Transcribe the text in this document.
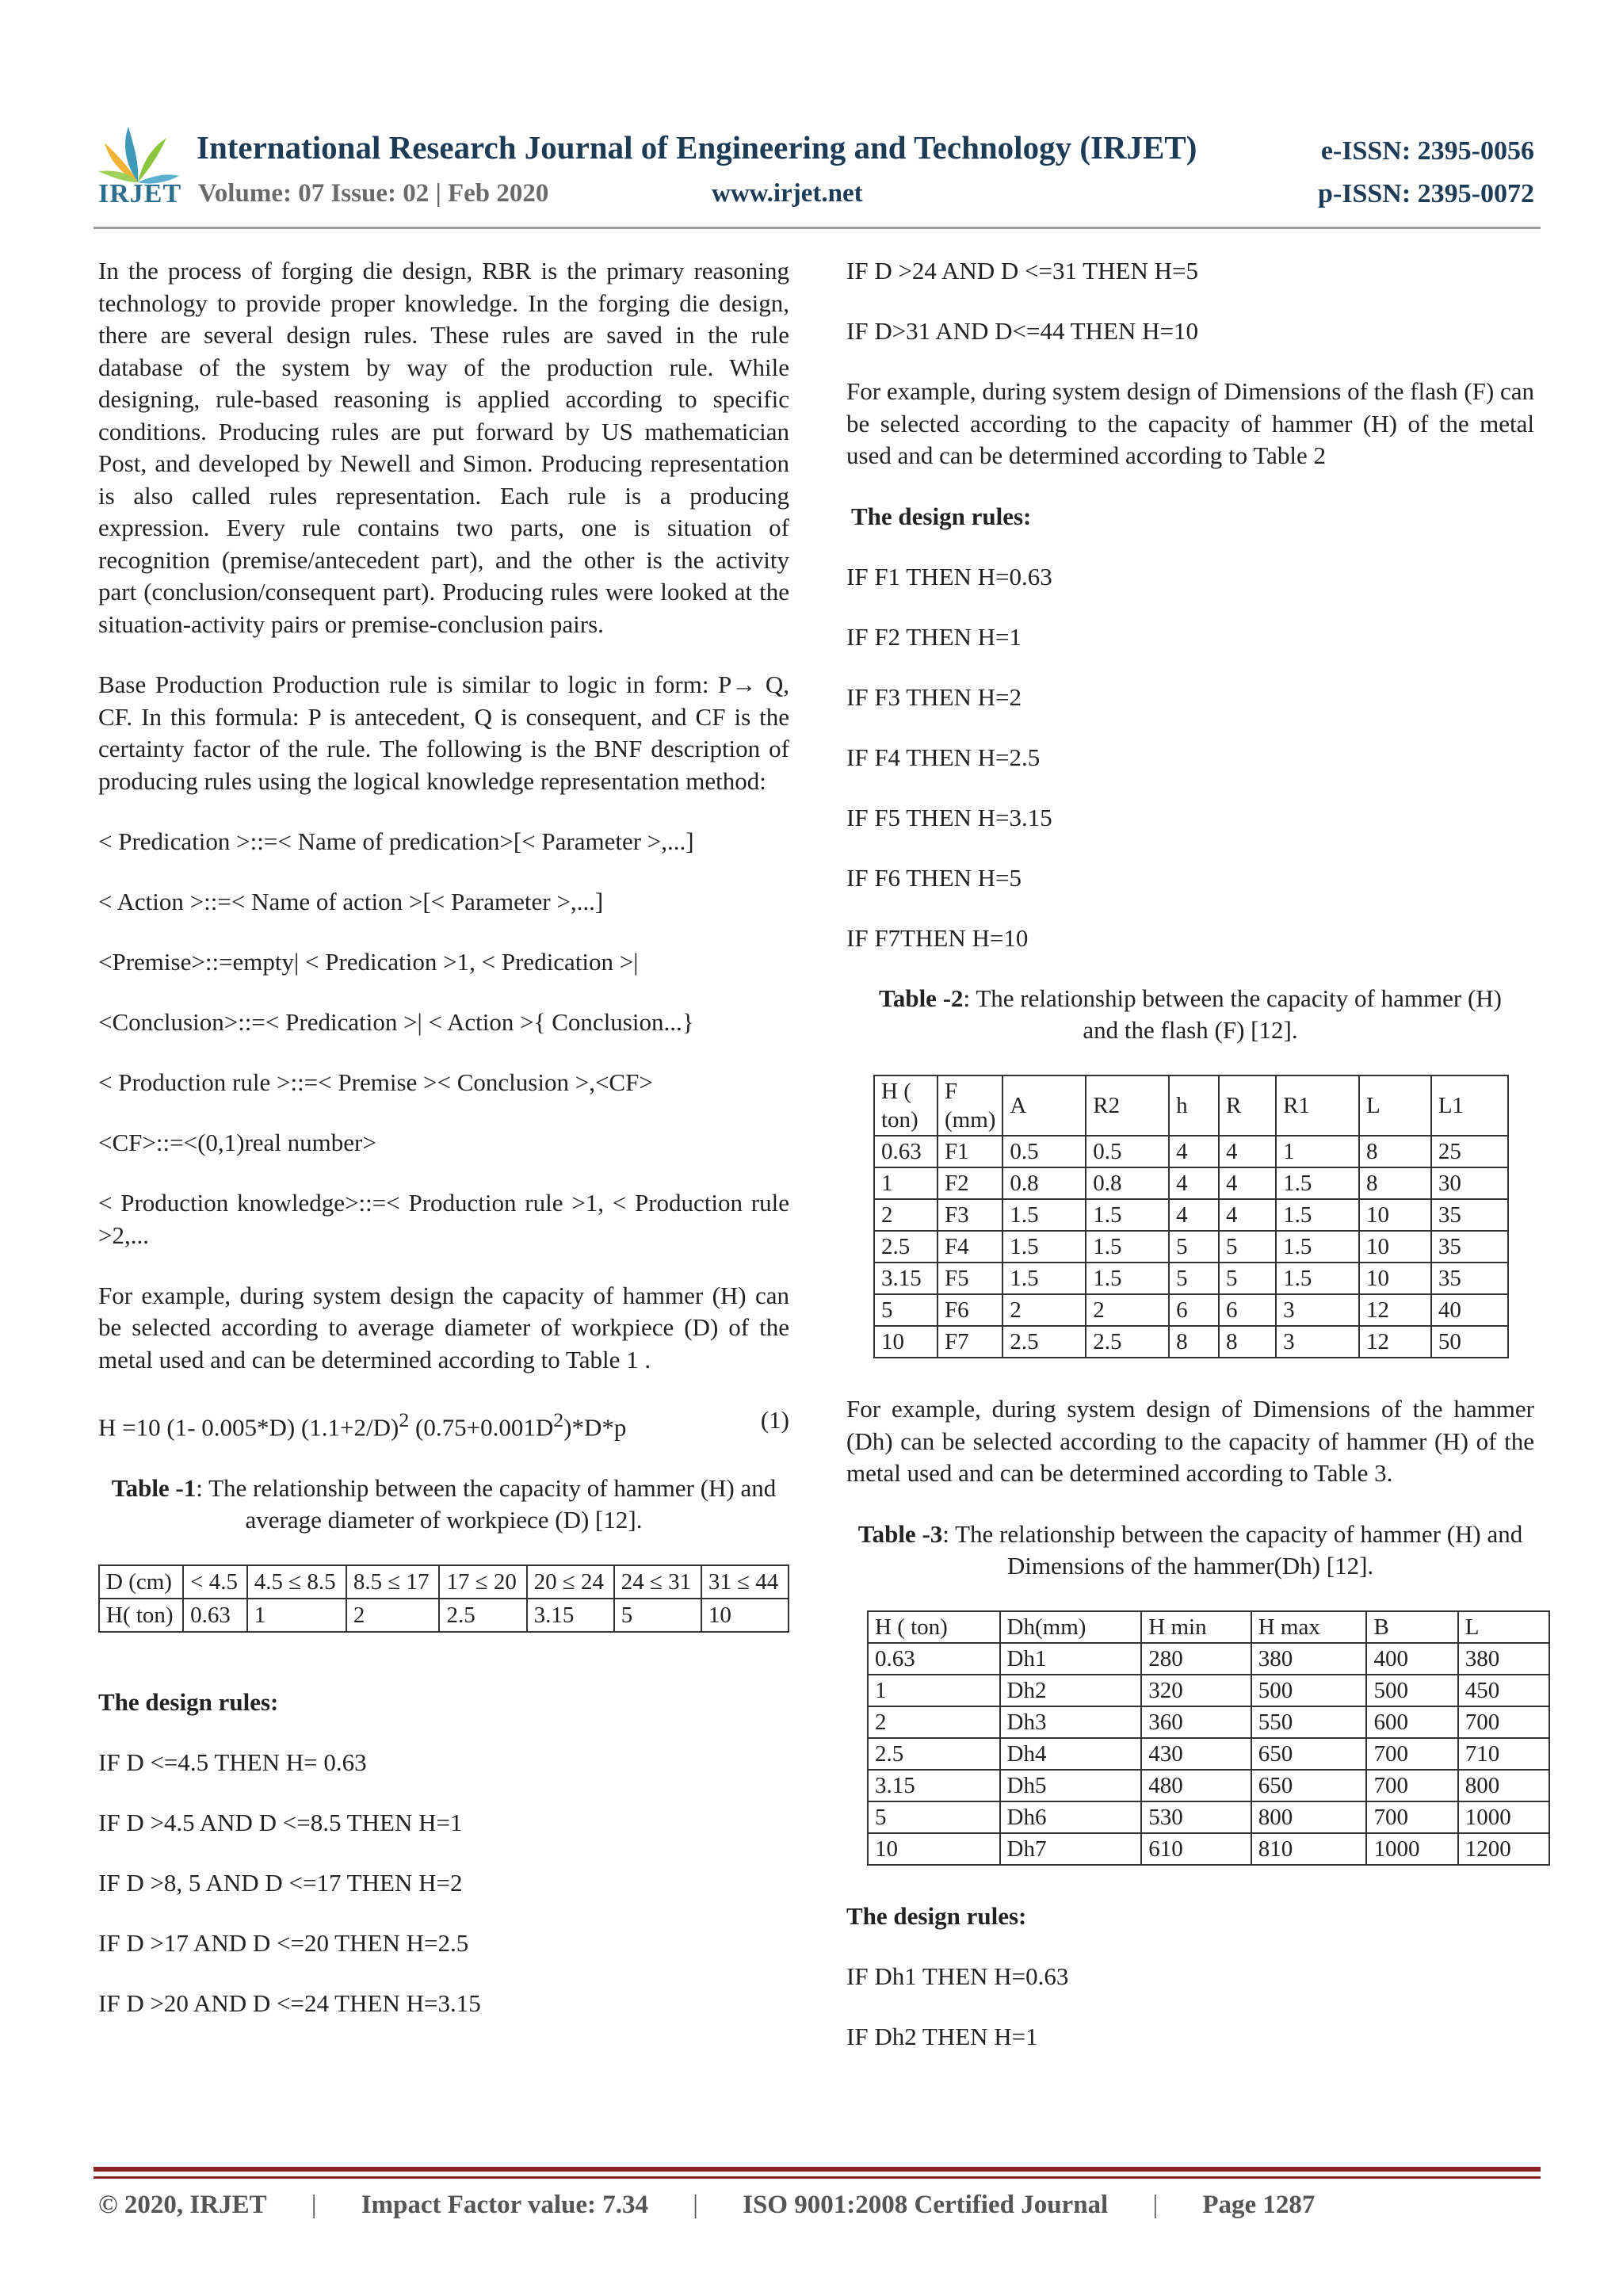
IRJET
International Research Journal of Engineering and Technology (IRJET)	e-ISSN: 2395-0056
Volume: 07 Issue: 02 | Feb 2020	www.irjet.net	p-ISSN: 2395-0072

In the process of forging die design, RBR is the primary reasoning technology to provide proper knowledge. In the forging die design, there are several design rules. These rules are saved in the rule database of the system by way of the production rule. While designing, rule-based reasoning is applied according to specific conditions. Producing rules are put forward by US mathematician Post, and developed by Newell and Simon. Producing representation is also called rules representation. Each rule is a producing expression. Every rule contains two parts, one is situation of recognition (premise/antecedent part), and the other is the activity part (conclusion/consequent part). Producing rules were looked at the situation-activity pairs or premise-conclusion pairs.

Base Production Production rule is similar to logic in form: P→ Q, CF. In this formula: P is antecedent, Q is consequent, and CF is the certainty factor of the rule. The following is the BNF description of producing rules using the logical knowledge representation method:

< Predication >::=< Name of predication>[< Parameter >,...]
< Action >::=< Name of action >[< Parameter >,...]
<Premise>::=empty| < Predication >1, < Predication >|
<Conclusion>::=< Predication >| < Action >{ Conclusion...}
< Production rule >::=< Premise >< Conclusion >,<CF>
<CF>::=<(0,1)real number>
< Production knowledge>::=< Production rule >1, < Production rule >2,...

For example, during system design the capacity of hammer (H) can be selected according to average diameter of workpiece (D) of the metal used and can be determined according to Table 1 .

H =10 (1- 0.005*D) $(1.1+2/D)^2$ $(0.75+0.001D^2)*D*p$	(1)
Table -1: The relationship between the capacity of hammer (H) and average diameter of workpiece (D) [12].
D (cm)	< 4.5	4.5 ≤ 8.5	8.5 ≤ 17	17 ≤ 20	20 ≤ 24	24 ≤ 31	31 ≤ 44
H( ton)	0.63	1	2	2.5	3.15	5	10
The design rules:
IF D <=4.5 THEN H= 0.63
IF D >4.5 AND D <=8.5 THEN H=1
IF D >8, 5 AND D <=17 THEN H=2
IF D >17 AND D <=20 THEN H=2.5
IF D >20 AND D <=24 THEN H=3.15
IF D >24 AND D <=31 THEN H=5
IF D>31 AND D<=44 THEN H=10

For example, during system design of Dimensions of the flash (F) can be selected according to the capacity of hammer (H) of the metal used and can be determined according to Table 2

The design rules:
IF F1 THEN H=0.63
IF F2 THEN H=1
IF F3 THEN H=2
IF F4 THEN H=2.5
IF F5 THEN H=3.15
IF F6 THEN H=5
IF F7THEN H=10
Table -2: The relationship between the capacity of hammer (H) and the flash (F) [12].
H ( ton)	F (mm)	A	R2	h	R	R1	L	L1
0.63	F1	0.5	0.5	4	4	1	8	25
1	F2	0.8	0.8	4	4	1.5	8	30
2	F3	1.5	1.5	4	4	1.5	10	35
2.5	F4	1.5	1.5	5	5	1.5	10	35
3.15	F5	1.5	1.5	5	5	1.5	10	35
5	F6	2	2	6	6	3	12	40
10	F7	2.5	2.5	8	8	3	12	50

For example, during system design of Dimensions of the hammer (Dh) can be selected according to the capacity of hammer (H) of the metal used and can be determined according to Table 3.

Table -3: The relationship between the capacity of hammer (H) and Dimensions of the hammer(Dh) [12].
H ( ton)	Dh(mm)	H min	H max	B	L
0.63	Dh1	280	380	400	380
1	Dh2	320	500	500	450
2	Dh3	360	550	600	700
2.5	Dh4	430	650	700	710
3.15	Dh5	480	650	700	800
5	Dh6	530	800	700	1000
10	Dh7	610	810	1000	1200
The design rules:
IF Dh1 THEN H=0.63
IF Dh2 THEN H=1
© 2020, IRJET | Impact Factor value: 7.34 | ISO 9001:2008 Certified Journal | Page 1287
